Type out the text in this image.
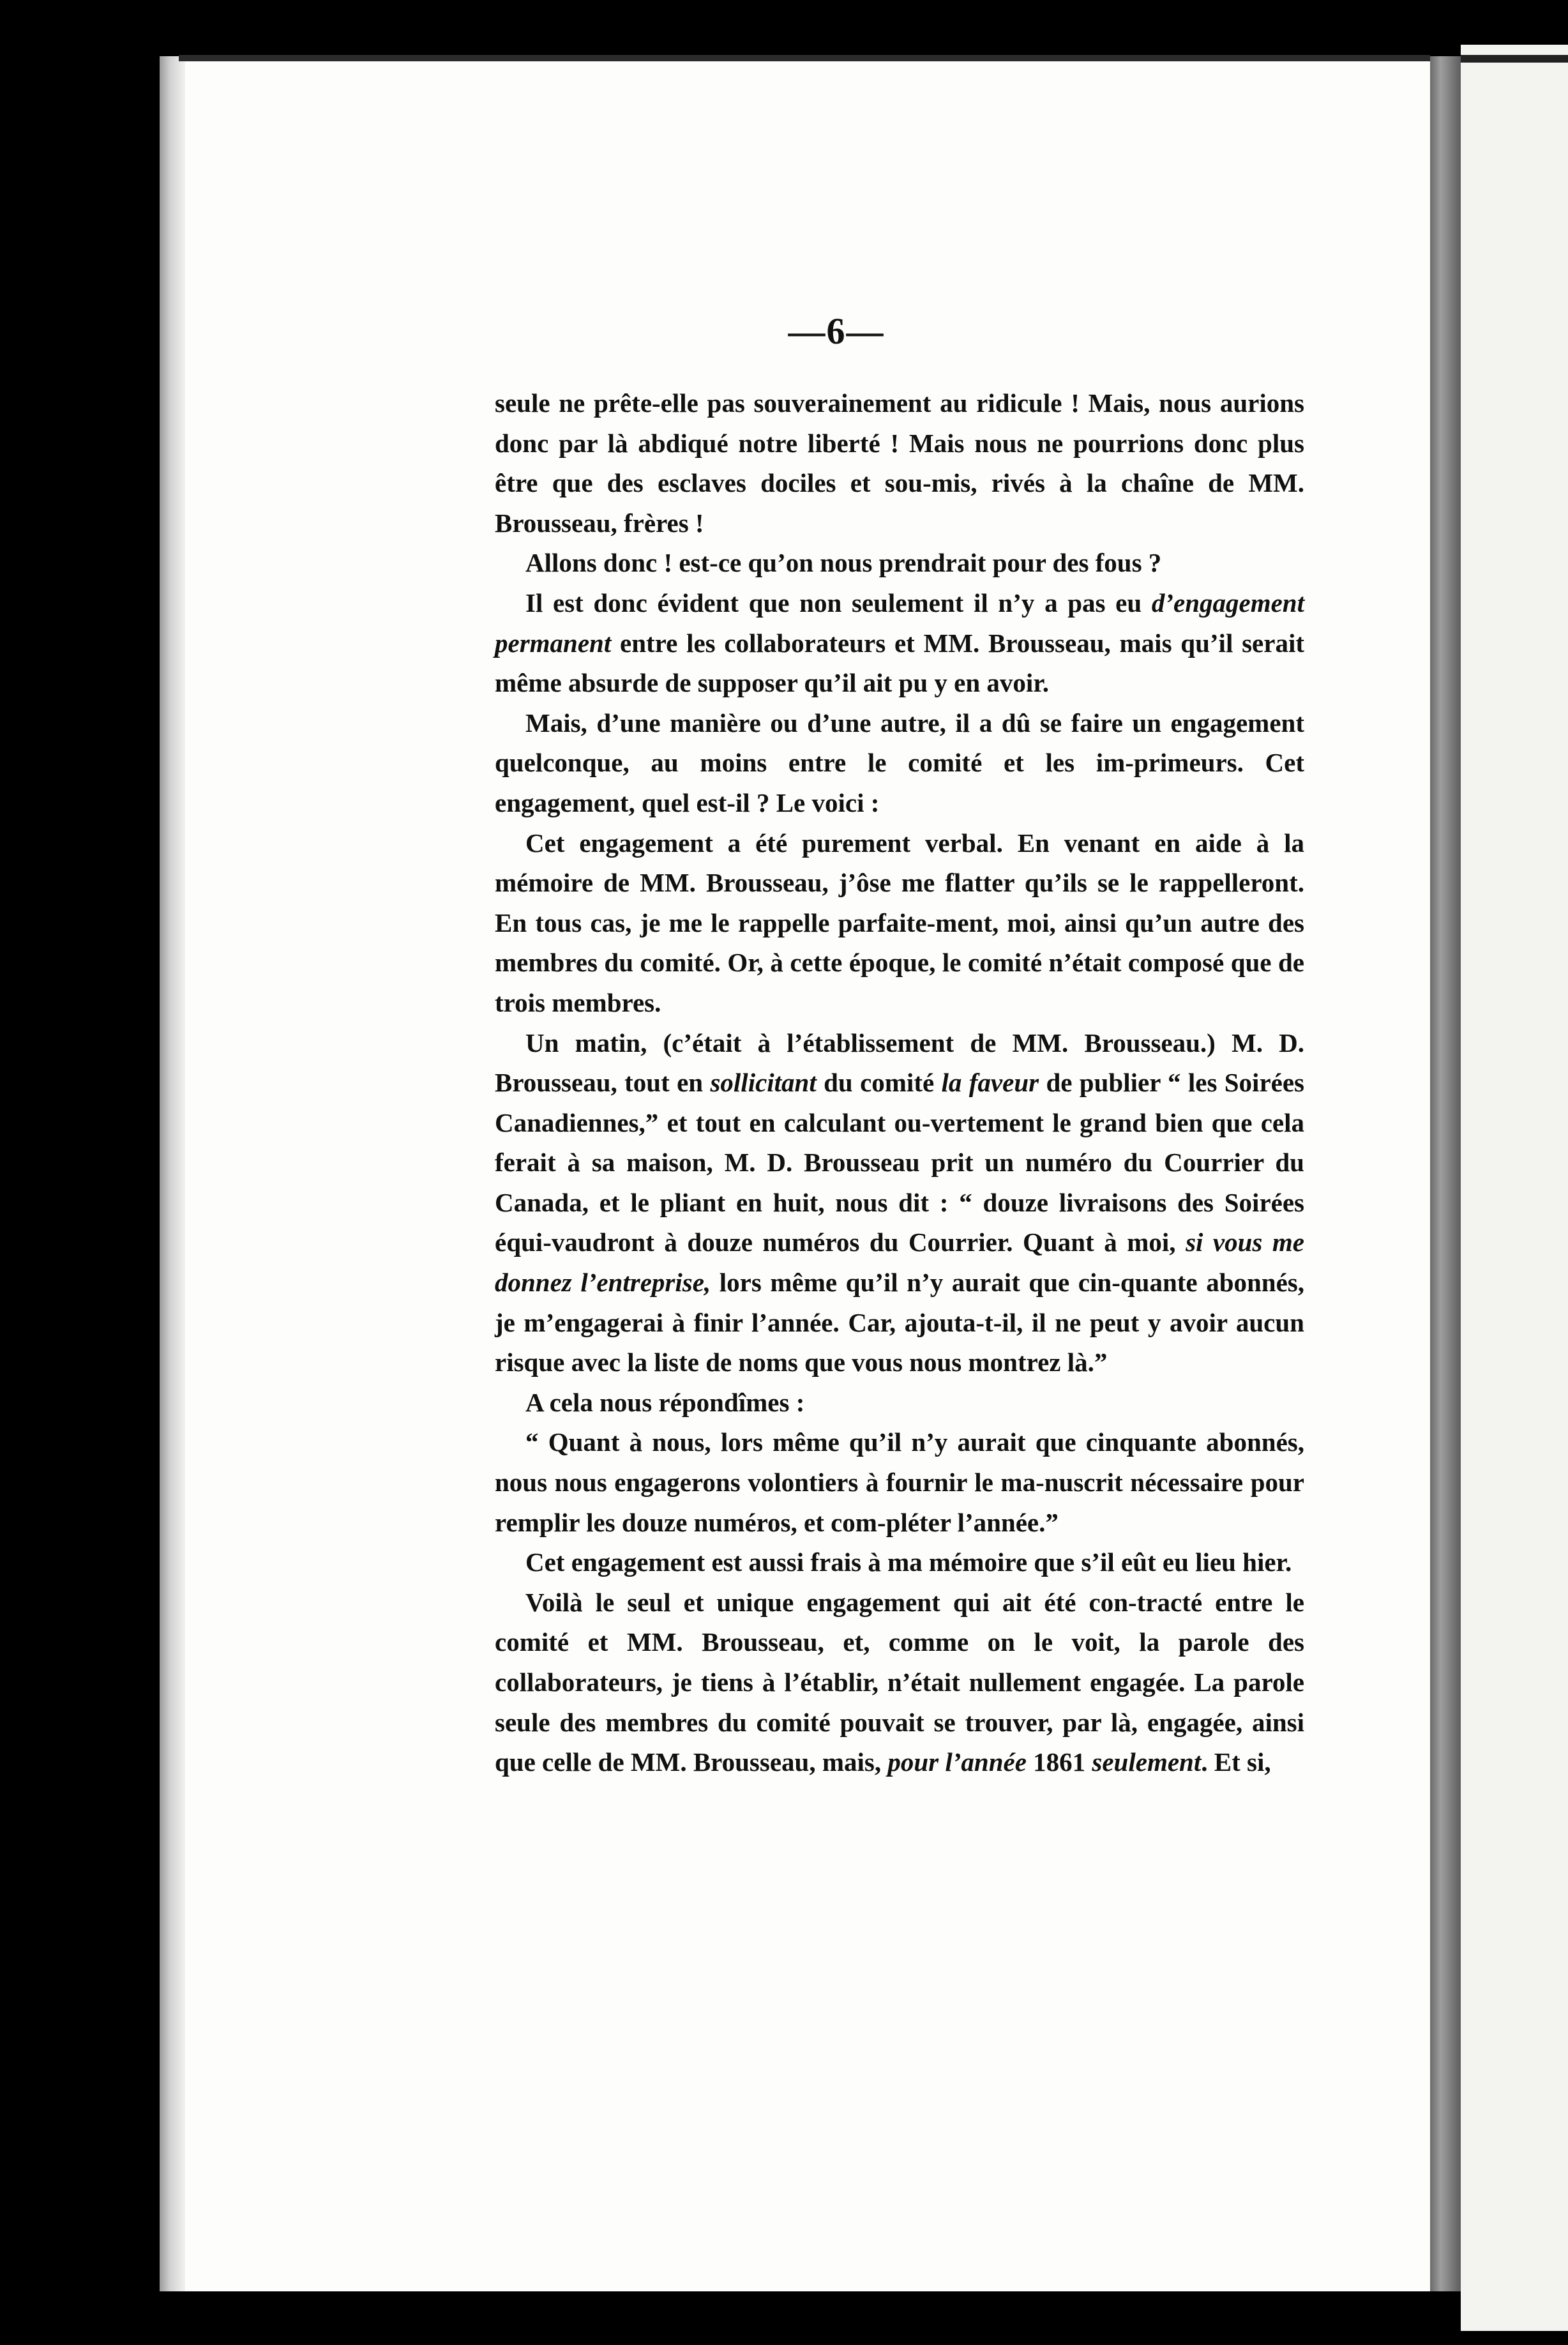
—6—

seule ne prête-elle pas souverainement au ridicule ! Mais, nous aurions donc par là abdiqué notre liberté ! Mais nous ne pourrions donc plus être que des esclaves dociles et sou-mis, rivés à la chaîne de MM. Brousseau, frères !

Allons donc ! est-ce qu’on nous prendrait pour des fous ?

Il est donc évident que non seulement il n’y a pas eu d’engagement permanent entre les collaborateurs et MM. Brousseau, mais qu’il serait même absurde de supposer qu’il ait pu y en avoir.

Mais, d’une manière ou d’une autre, il a dû se faire un engagement quelconque, au moins entre le comité et les im-primeurs. Cet engagement, quel est-il ? Le voici :

Cet engagement a été purement verbal. En venant en aide à la mémoire de MM. Brousseau, j’ôse me flatter qu’ils se le rappelleront. En tous cas, je me le rappelle parfaite-ment, moi, ainsi qu’un autre des membres du comité. Or, à cette époque, le comité n’était composé que de trois membres.

Un matin, (c’était à l’établissement de MM. Brousseau.) M. D. Brousseau, tout en sollicitant du comité la faveur de publier “ les Soirées Canadiennes,” et tout en calculant ou-vertement le grand bien que cela ferait à sa maison, M. D. Brousseau prit un numéro du Courrier du Canada, et le pliant en huit, nous dit : “ douze livraisons des Soirées équi-vaudront à douze numéros du Courrier. Quant à moi, si vous me donnez l’entreprise, lors même qu’il n’y aurait que cin-quante abonnés, je m’engagerai à finir l’année. Car, ajouta-t-il, il ne peut y avoir aucun risque avec la liste de noms que vous nous montrez là.”

A cela nous répondîmes :

“ Quant à nous, lors même qu’il n’y aurait que cinquante abonnés, nous nous engagerons volontiers à fournir le ma-nuscrit nécessaire pour remplir les douze numéros, et com-pléter l’année.”

Cet engagement est aussi frais à ma mémoire que s’il eût eu lieu hier.

Voilà le seul et unique engagement qui ait été con-tracté entre le comité et MM. Brousseau, et, comme on le voit, la parole des collaborateurs, je tiens à l’établir, n’était nullement engagée. La parole seule des membres du comité pouvait se trouver, par là, engagée, ainsi que celle de MM. Brousseau, mais, pour l’année 1861 seulement. Et si,
